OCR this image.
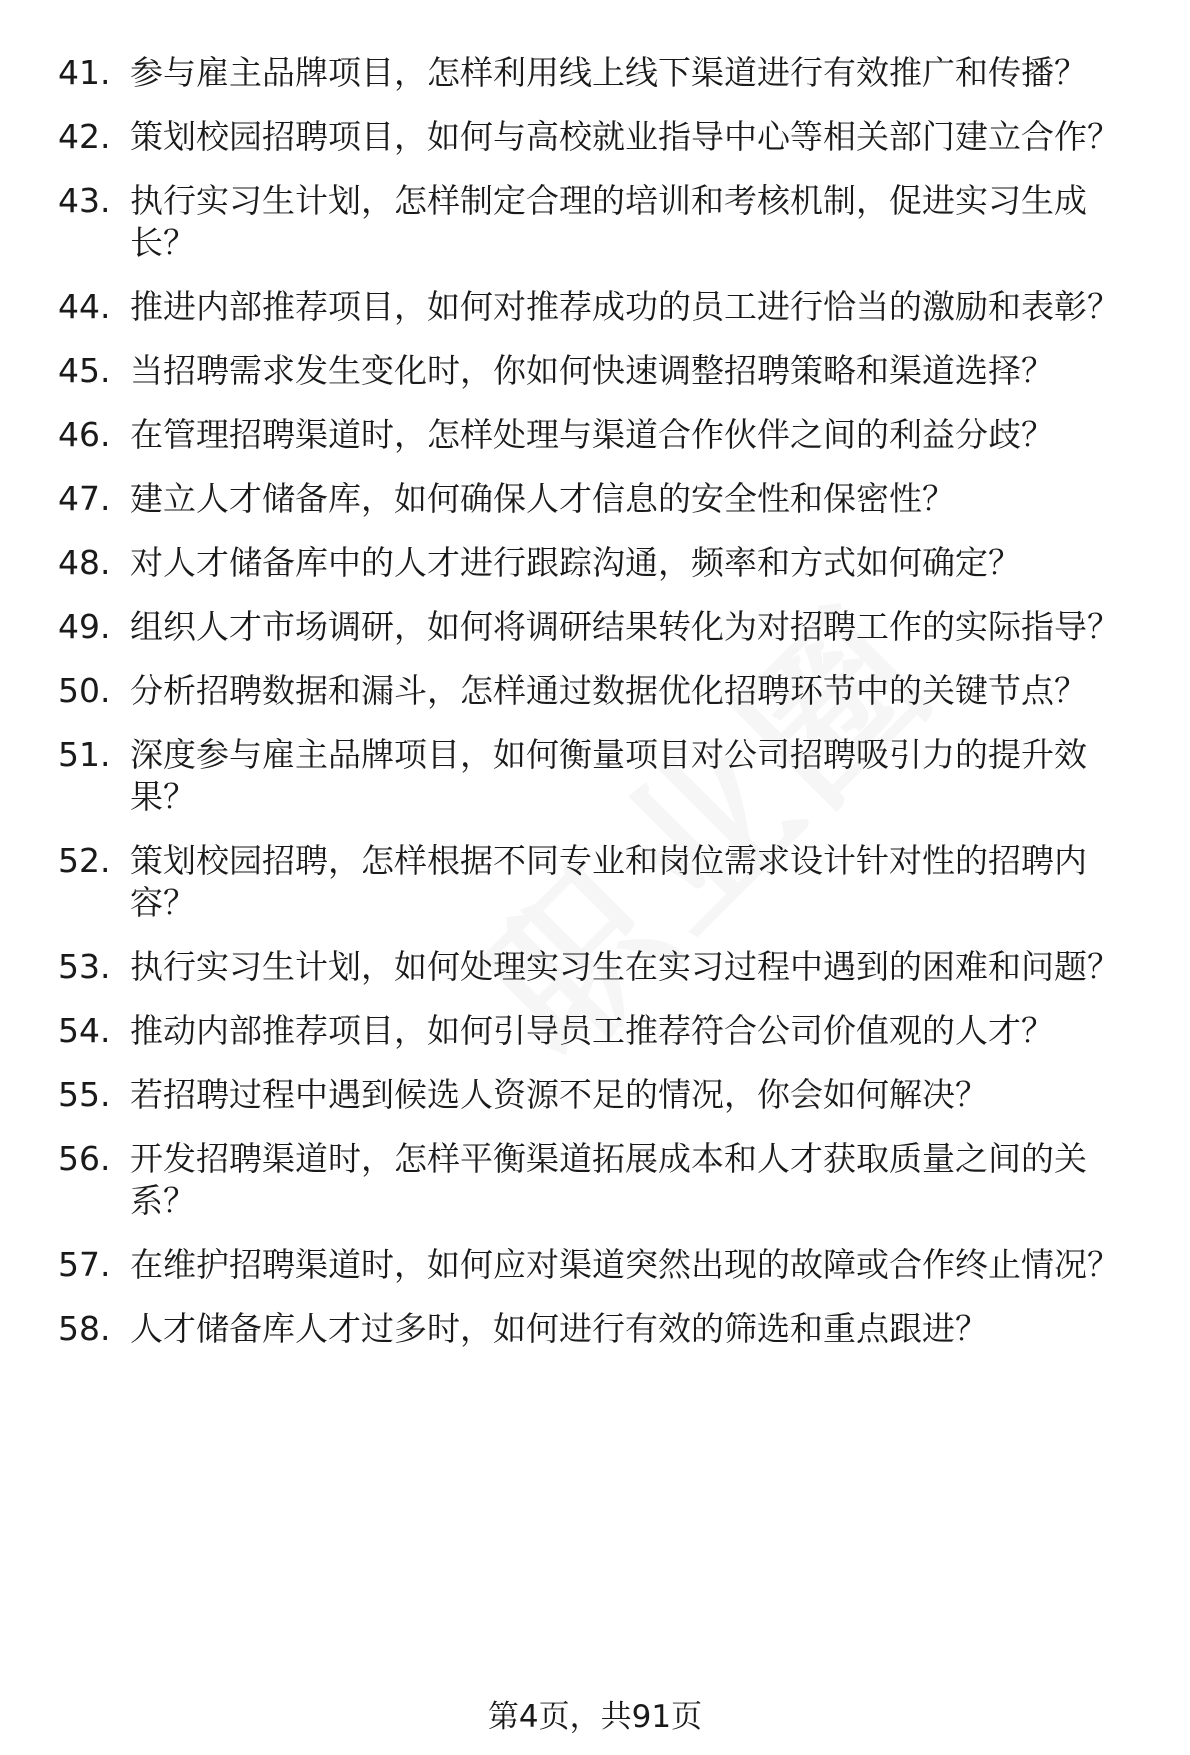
41. 参与雇主品牌项目，怎样利用线上线下渠道进行有效推广和传播？
42. 策划校园招聘项目，如何与高校就业指导中心等相关部门建立合作？
43. 执行实习生计划，怎样制定合理的培训和考核机制，促进实习生成长？
44. 推进内部推荐项目，如何对推荐成功的员工进行恰当的激励和表彰？
45. 当招聘需求发生变化时，你如何快速调整招聘策略和渠道选择？
46. 在管理招聘渠道时，怎样处理与渠道合作伙伴之间的利益分歧？
47. 建立人才储备库，如何确保人才信息的安全性和保密性？
48. 对人才储备库中的人才进行跟踪沟通，频率和方式如何确定？
49. 组织人才市场调研，如何将调研结果转化为对招聘工作的实际指导？
50. 分析招聘数据和漏斗，怎样通过数据优化招聘环节中的关键节点？
51. 深度参与雇主品牌项目，如何衡量项目对公司招聘吸引力的提升效果？
52. 策划校园招聘，怎样根据不同专业和岗位需求设计针对性的招聘内容？
53. 执行实习生计划，如何处理实习生在实习过程中遇到的困难和问题？
54. 推动内部推荐项目，如何引导员工推荐符合公司价值观的人才？
55. 若招聘过程中遇到候选人资源不足的情况，你会如何解决？
56. 开发招聘渠道时，怎样平衡渠道拓展成本和人才获取质量之间的关系？
57. 在维护招聘渠道时，如何应对渠道突然出现的故障或合作终止情况？
58. 人才储备库人才过多时，如何进行有效的筛选和重点跟进？
第4页，共91页
